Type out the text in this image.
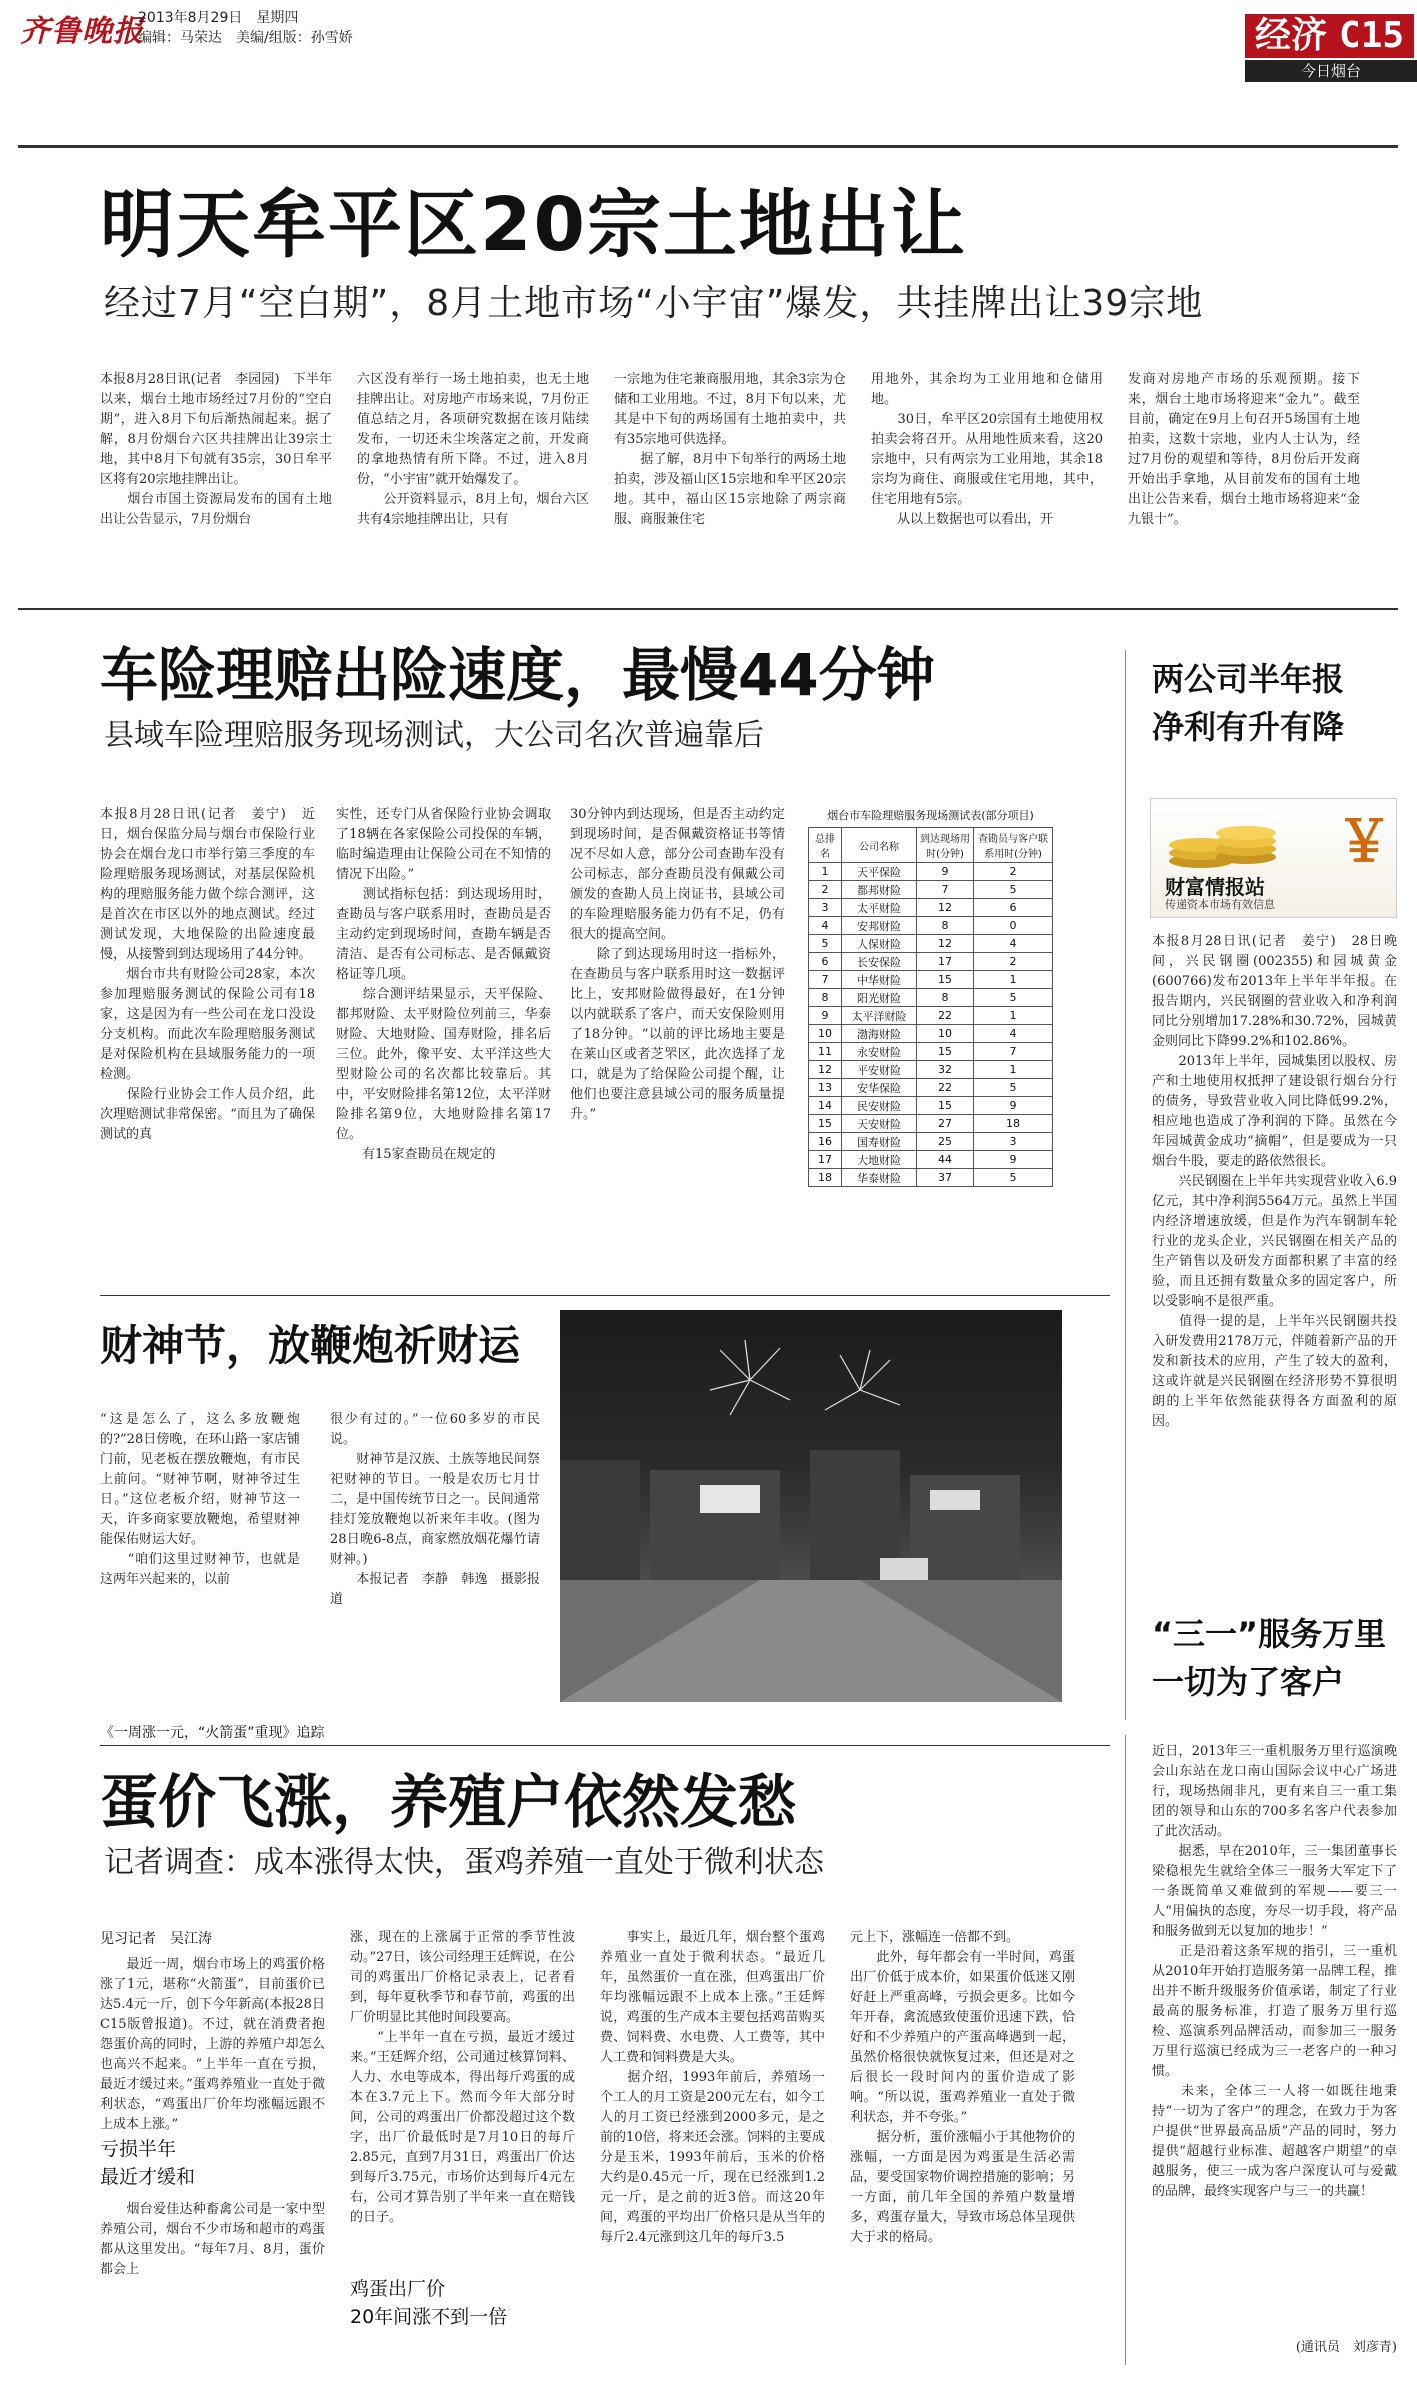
齐鲁晚报
2013年8月29日　星期四
编辑：马荣达　美编/组版：孙雪娇	经济 C15
今日烟台
明天牟平区20宗土地出让
经过7月“空白期”，8月土地市场“小宇宙”爆发，共挂牌出让39宗地
本报8月28日讯(记者　李园园)　下半年以来，烟台土地市场经过7月份的“空白期”，进入8月下旬后渐热闹起来。据了解，8月份烟台六区共挂牌出让39宗土地，其中8月下旬就有35宗，30日牟平区将有20宗地挂牌出让。
　　烟台市国土资源局发布的国有土地出让公告显示，7月份烟台
六区没有举行一场土地拍卖，也无土地挂牌出让。对房地产市场来说，7月份正值总结之月，各项研究数据在该月陆续发布，一切还未尘埃落定之前，开发商的拿地热情有所下降。不过，进入8月份，“小宇宙”就开始爆发了。
　　公开资料显示，8月上旬，烟台六区共有4宗地挂牌出让，只有
一宗地为住宅兼商服用地，其余3宗为仓储和工业用地。不过，8月下旬以来，尤其是中下旬的两场国有土地拍卖中，共有35宗地可供选择。
　　据了解，8月中下旬举行的两场土地拍卖，涉及福山区15宗地和牟平区20宗地。其中，福山区15宗地除了两宗商服、商服兼住宅
用地外，其余均为工业用地和仓储用地。
　　30日，牟平区20宗国有土地使用权拍卖会将召开。从用地性质来看，这20宗地中，只有两宗为工业用地，其余18宗均为商住、商服或住宅用地，其中，住宅用地有5宗。
　　从以上数据也可以看出，开
发商对房地产市场的乐观预期。接下来，烟台土地市场将迎来“金九”。截至目前，确定在9月上旬召开5场国有土地拍卖，这数十宗地，业内人士认为，经过7月份的观望和等待，8月份后开发商开始出手拿地，从目前发布的国有土地出让公告来看，烟台土地市场将迎来“金九银十”。
车险理赔出险速度，最慢44分钟
县域车险理赔服务现场测试，大公司名次普遍靠后
本报8月28日讯(记者　姜宁)　近日，烟台保监分局与烟台市保险行业协会在烟台龙口市举行第三季度的车险理赔服务现场测试，对基层保险机构的理赔服务能力做个综合测评，这是首次在市区以外的地点测试。经过测试发现，大地保险的出险速度最慢，从接警到到达现场用了44分钟。
　　烟台市共有财险公司28家，本次参加理赔服务测试的保险公司有18家，这是因为有一些公司在龙口没设分支机构。而此次车险理赔服务测试是对保险机构在县域服务能力的一项检测。
　　保险行业协会工作人员介绍，此次理赔测试非常保密。“而且为了确保测试的真
实性，还专门从省保险行业协会调取了18辆在各家保险公司投保的车辆，临时编造理由让保险公司在不知情的情况下出险。”
　　测试指标包括：到达现场用时，查勘员与客户联系用时，查勘员是否主动约定到现场时间，查勘车辆是否清洁、是否有公司标志、是否佩戴资格证等几项。
　　综合测评结果显示，天平保险、都邦财险、太平财险位列前三，华泰财险、大地财险、国寿财险，排名后三位。此外，像平安、太平洋这些大型财险公司的名次都比较靠后。其中，平安财险排名第12位，太平洋财险排名第9位，大地财险排名第17位。
　　有15家查勘员在规定的
30分钟内到达现场，但是否主动约定到现场时间，是否佩戴资格证书等情况不尽如人意，部分公司查勘车没有公司标志，部分查勘员没有佩戴公司颁发的查勘人员上岗证书，县域公司的车险理赔服务能力仍有不足，仍有很大的提高空间。
　　除了到达现场用时这一指标外，在查勘员与客户联系用时这一数据评比上，安邦财险做得最好，在1分钟以内就联系了客户，而天安保险则用了18分钟。“以前的评比场地主要是在莱山区或者芝罘区，此次选择了龙口，就是为了给保险公司提个醒，让他们也要注意县域公司的服务质量提升。”
烟台市车险理赔服务现场测试表(部分项目)
总排名	公司名称	到达现场用时(分钟)	查勘员与客户联系用时(分钟)
1	天平保险	9	2
2	都邦财险	7	5
3	太平财险	12	6
4	安邦财险	8	0
5	人保财险	12	4
6	长安保险	17	2
7	中华财险	15	1
8	阳光财险	8	5
9	太平洋财险	22	1
10	渤海财险	10	4
11	永安财险	15	7
12	平安财险	32	1
13	安华保险	22	5
14	民安财险	15	9
15	天安财险	27	18
16	国寿财险	25	3
17	大地财险	44	9
18	华泰财险	37	5
两公司半年报
净利有升有降
￥
财富情报站
传递资本市场有效信息
本报8月28日讯(记者　姜宁)　28日晚间，兴民钢圈(002355)和园城黄金(600766)发布2013年上半年半年报。在报告期内，兴民钢圈的营业收入和净利润同比分别增加17.28%和30.72%，园城黄金则同比下降99.2%和102.86%。
　　2013年上半年，园城集团以股权、房产和土地使用权抵押了建设银行烟台分行的债务，导致营业收入同比降低99.2%，相应地也造成了净利润的下降。虽然在今年园城黄金成功“摘帽”，但是要成为一只烟台牛股，要走的路依然很长。
　　兴民钢圈在上半年共实现营业收入6.9亿元，其中净利润5564万元。虽然上半国内经济增速放缓，但是作为汽车钢制车轮行业的龙头企业，兴民钢圈在相关产品的生产销售以及研发方面都积累了丰富的经验，而且还拥有数量众多的固定客户，所以受影响不是很严重。
　　值得一提的是，上半年兴民钢圈共投入研发费用2178万元，伴随着新产品的开发和新技术的应用，产生了较大的盈利，这或许就是兴民钢圈在经济形势不算很明朗的上半年依然能获得各方面盈利的原因。
财神节，放鞭炮祈财运
“这是怎么了，这么多放鞭炮的?”28日傍晚，在环山路一家店铺门前，见老板在摆放鞭炮，有市民上前问。“财神节啊，财神爷过生日。”这位老板介绍，财神节这一天，许多商家要放鞭炮，希望财神能保佑财运大好。
　　“咱们这里过财神节，也就是这两年兴起来的，以前
很少有过的。”一位60多岁的市民说。
　　财神节是汉族、土族等地民间祭祀财神的节日。一般是农历七月廿二，是中国传统节日之一。民间通常挂灯笼放鞭炮以祈来年丰收。(图为28日晚6-8点，商家燃放烟花爆竹请财神。)
　　本报记者　李静　韩逸　摄影报道
“三一”服务万里
一切为了客户
近日，2013年三一重机服务万里行巡演晚会山东站在龙口南山国际会议中心广场进行，现场热闹非凡，更有来自三一重工集团的领导和山东的700多名客户代表参加了此次活动。
　　据悉，早在2010年，三一集团董事长梁稳根先生就给全体三一服务大军定下了一条既简单又难做到的军规——要三一人“用偏执的态度，夯尽一切手段，将产品和服务做到无以复加的地步！”
　　正是沿着这条军规的指引，三一重机从2010年开始打造服务第一品牌工程，推出并不断升级服务价值承诺，制定了行业最高的服务标准，打造了服务万里行巡检、巡演系列品牌活动，而参加三一服务万里行巡演已经成为三一老客户的一种习惯。
　　未来，全体三一人将一如既往地秉持“一切为了客户”的理念，在致力于为客户提供“世界最高品质”产品的同时，努力提供“超越行业标准、超越客户期望”的卓越服务，使三一成为客户深度认可与爱戴的品牌，最终实现客户与三一的共赢！
(通讯员　刘彦青)
《一周涨一元，“火箭蛋”重现》追踪
蛋价飞涨，养殖户依然发愁
记者调查：成本涨得太快，蛋鸡养殖一直处于微利状态
见习记者　吴江涛
　　最近一周，烟台市场上的鸡蛋价格涨了1元，堪称“火箭蛋”，目前蛋价已达5.4元一斤，创下今年新高(本报28日C15版曾报道)。不过，就在消费者抱怨蛋价高的同时，上游的养殖户却怎么也高兴不起来。“上半年一直在亏损，最近才缓过来。”蛋鸡养殖业一直处于微利状态，“鸡蛋出厂价年均涨幅远跟不上成本上涨。”
亏损半年
最近才缓和
　　烟台爱佳达种畜禽公司是一家中型养殖公司，烟台不少市场和超市的鸡蛋都从这里发出。“每年7月、8月，蛋价都会上
涨，现在的上涨属于正常的季节性波动。”27日，该公司经理王廷辉说，在公司的鸡蛋出厂价格记录表上，记者看到，每年夏秋季节和春节前，鸡蛋的出厂价明显比其他时间段要高。
　　“上半年一直在亏损，最近才缓过来。”王廷辉介绍，公司通过核算饲料、人力、水电等成本，得出每斤鸡蛋的成本在3.7元上下。然而今年大部分时间，公司的鸡蛋出厂价都没超过这个数字，出厂价最低时是7月10日的每斤2.85元，直到7月31日，鸡蛋出厂价达到每斤3.75元，市场价达到每斤4元左右，公司才算告别了半年来一直在赔钱的日子。
鸡蛋出厂价
20年间涨不到一倍
　　事实上，最近几年，烟台整个蛋鸡养殖业一直处于微利状态。“最近几年，虽然蛋价一直在涨，但鸡蛋出厂价年均涨幅远跟不上成本上涨。”王廷辉说，鸡蛋的生产成本主要包括鸡苗购买费、饲料费、水电费、人工费等，其中人工费和饲料费是大头。
　　据介绍，1993年前后，养殖场一个工人的月工资是200元左右，如今工人的月工资已经涨到2000多元，是之前的10倍，将来还会涨。饲料的主要成分是玉米，1993年前后，玉米的价格大约是0.45元一斤，现在已经涨到1.2元一斤，是之前的近3倍。而这20年间，鸡蛋的平均出厂价格只是从当年的每斤2.4元涨到这几年的每斤3.5
元上下，涨幅连一倍都不到。
　　此外，每年都会有一半时间，鸡蛋出厂价低于成本价，如果蛋价低迷又刚好赶上严重高峰，亏损会更多。比如今年开春，禽流感致使蛋价迅速下跌，恰好和不少养殖户的产蛋高峰遇到一起，虽然价格很快就恢复过来，但还是对之后很长一段时间内的蛋价造成了影响。“所以说，蛋鸡养殖业一直处于微利状态，并不夸张。”
　　据分析，蛋价涨幅小于其他物价的涨幅，一方面是因为鸡蛋是生活必需品，要受国家物价调控措施的影响；另一方面，前几年全国的养殖户数量增多，鸡蛋存量大，导致市场总体呈现供大于求的格局。
